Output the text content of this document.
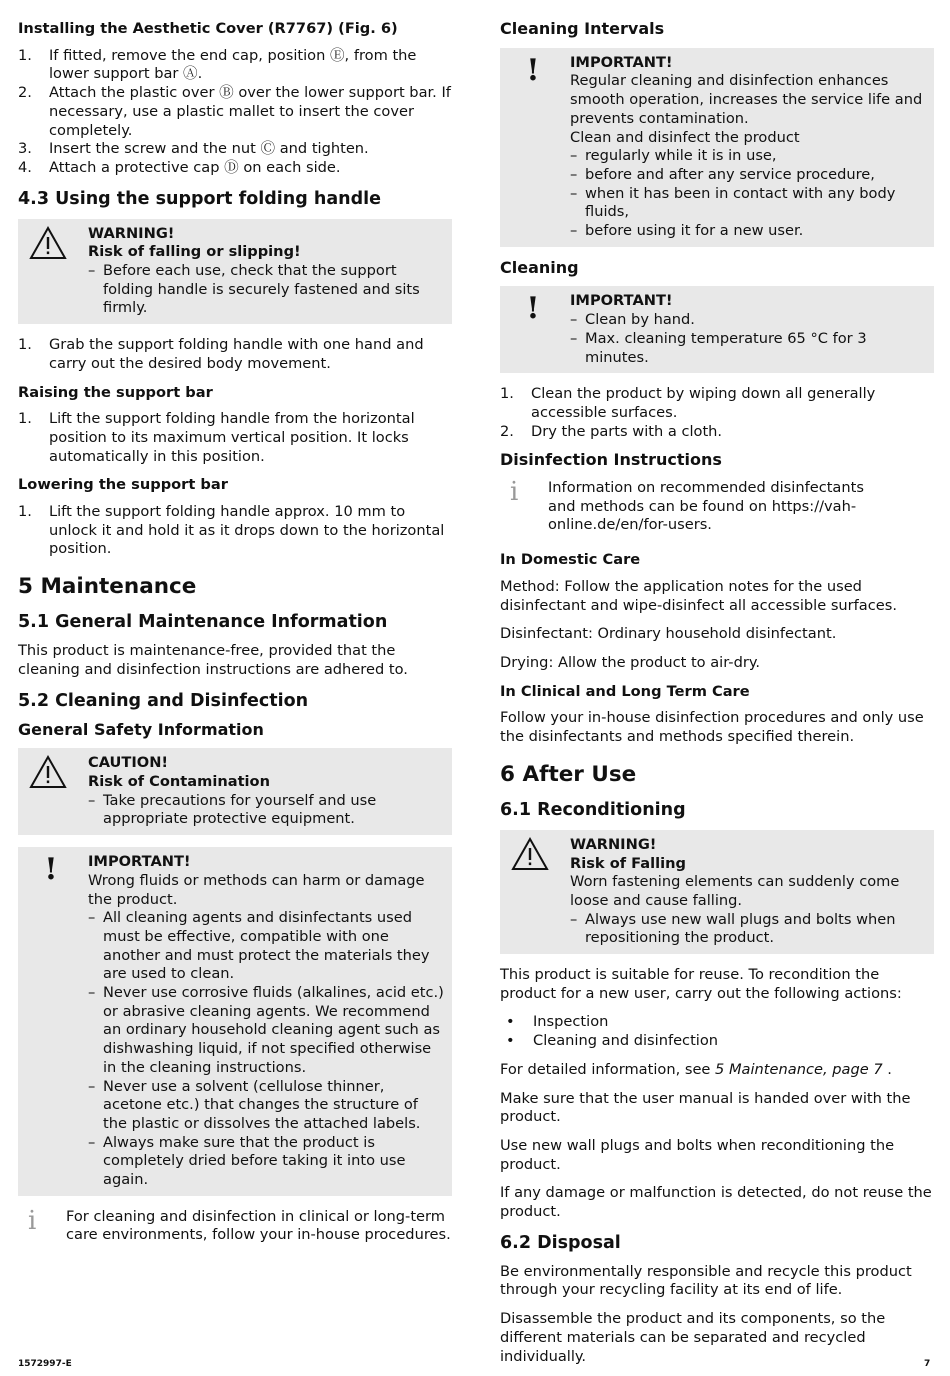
Installing the Aesthetic Cover (R7767) (Fig. 6)
1.	If fitted, remove the end cap, position Ⓔ, from the lower support bar Ⓐ.
2.	Attach the plastic over Ⓑ over the lower support bar. If necessary, use a plastic mallet to insert the cover completely.
3.	Insert the screw and the nut Ⓒ and tighten.
4.	Attach a protective cap Ⓓ on each side.
4.3 Using the support folding handle
WARNING!
Risk of falling or slipping!
– Before each use, check that the support folding handle is securely fastened and sits firmly.
1.	Grab the support folding handle with one hand and carry out the desired body movement.
Raising the support bar
1.	Lift the support folding handle from the horizontal position to its maximum vertical position. It locks automatically in this position.
Lowering the support bar
1.	Lift the support folding handle approx. 10 mm to unlock it and hold it as it drops down to the horizontal position.
5 Maintenance
5.1 General Maintenance Information

This product is maintenance-free, provided that the cleaning and disinfection instructions are adhered to.

5.2 Cleaning and Disinfection
General Safety Information
CAUTION!
Risk of Contamination
– Take precautions for yourself and use appropriate protective equipment.
!	IMPORTANT!
Wrong fluids or methods can harm or damage the product.
– All cleaning agents and disinfectants used must be effective, compatible with one another and must protect the materials they are used to clean.
– Never use corrosive fluids (alkalines, acid etc.) or abrasive cleaning agents. We recommend an ordinary household cleaning agent such as dishwashing liquid, if not specified otherwise in the cleaning instructions.
– Never use a solvent (cellulose thinner, acetone etc.) that changes the structure of the plastic or dissolves the attached labels.
– Always make sure that the product is completely dried before taking it into use again.
ⅰ	For cleaning and disinfection in clinical or long-term care environments, follow your in-house procedures.
Cleaning Intervals
!	IMPORTANT!
Regular cleaning and disinfection enhances smooth operation, increases the service life and prevents contamination.
Clean and disinfect the product
– regularly while it is in use,
– before and after any service procedure,
– when it has been in contact with any body fluids,
– before using it for a new user.
Cleaning
!	IMPORTANT!
– Clean by hand.
– Max. cleaning temperature 65 °C for 3 minutes.
1.	Clean the product by wiping down all generally accessible surfaces.
2.	Dry the parts with a cloth.
Disinfection Instructions
ⅰ	Information on recommended disinfectants and methods can be found on https://vah-online.de/en/for-users.
In Domestic Care

Method: Follow the application notes for the used disinfectant and wipe-disinfect all accessible surfaces.

Disinfectant: Ordinary household disinfectant.

Drying: Allow the product to air-dry.

In Clinical and Long Term Care

Follow your in-house disinfection procedures and only use the disinfectants and methods specified therein.

6 After Use
6.1 Reconditioning
WARNING!
Risk of Falling
Worn fastening elements can suddenly come loose and cause falling.
– Always use new wall plugs and bolts when repositioning the product.

This product is suitable for reuse. To recondition the product for a new user, carry out the following actions:

•	Inspection
•	Cleaning and disinfection

For detailed information, see 5 Maintenance, page 7 .

Make sure that the user manual is handed over with the product.

Use new wall plugs and bolts when reconditioning the product.

If any damage or malfunction is detected, do not reuse the product.

6.2 Disposal

Be environmentally responsible and recycle this product through your recycling facility at its end of life.

Disassemble the product and its components, so the different materials can be separated and recycled individually.

1572997-E	7
